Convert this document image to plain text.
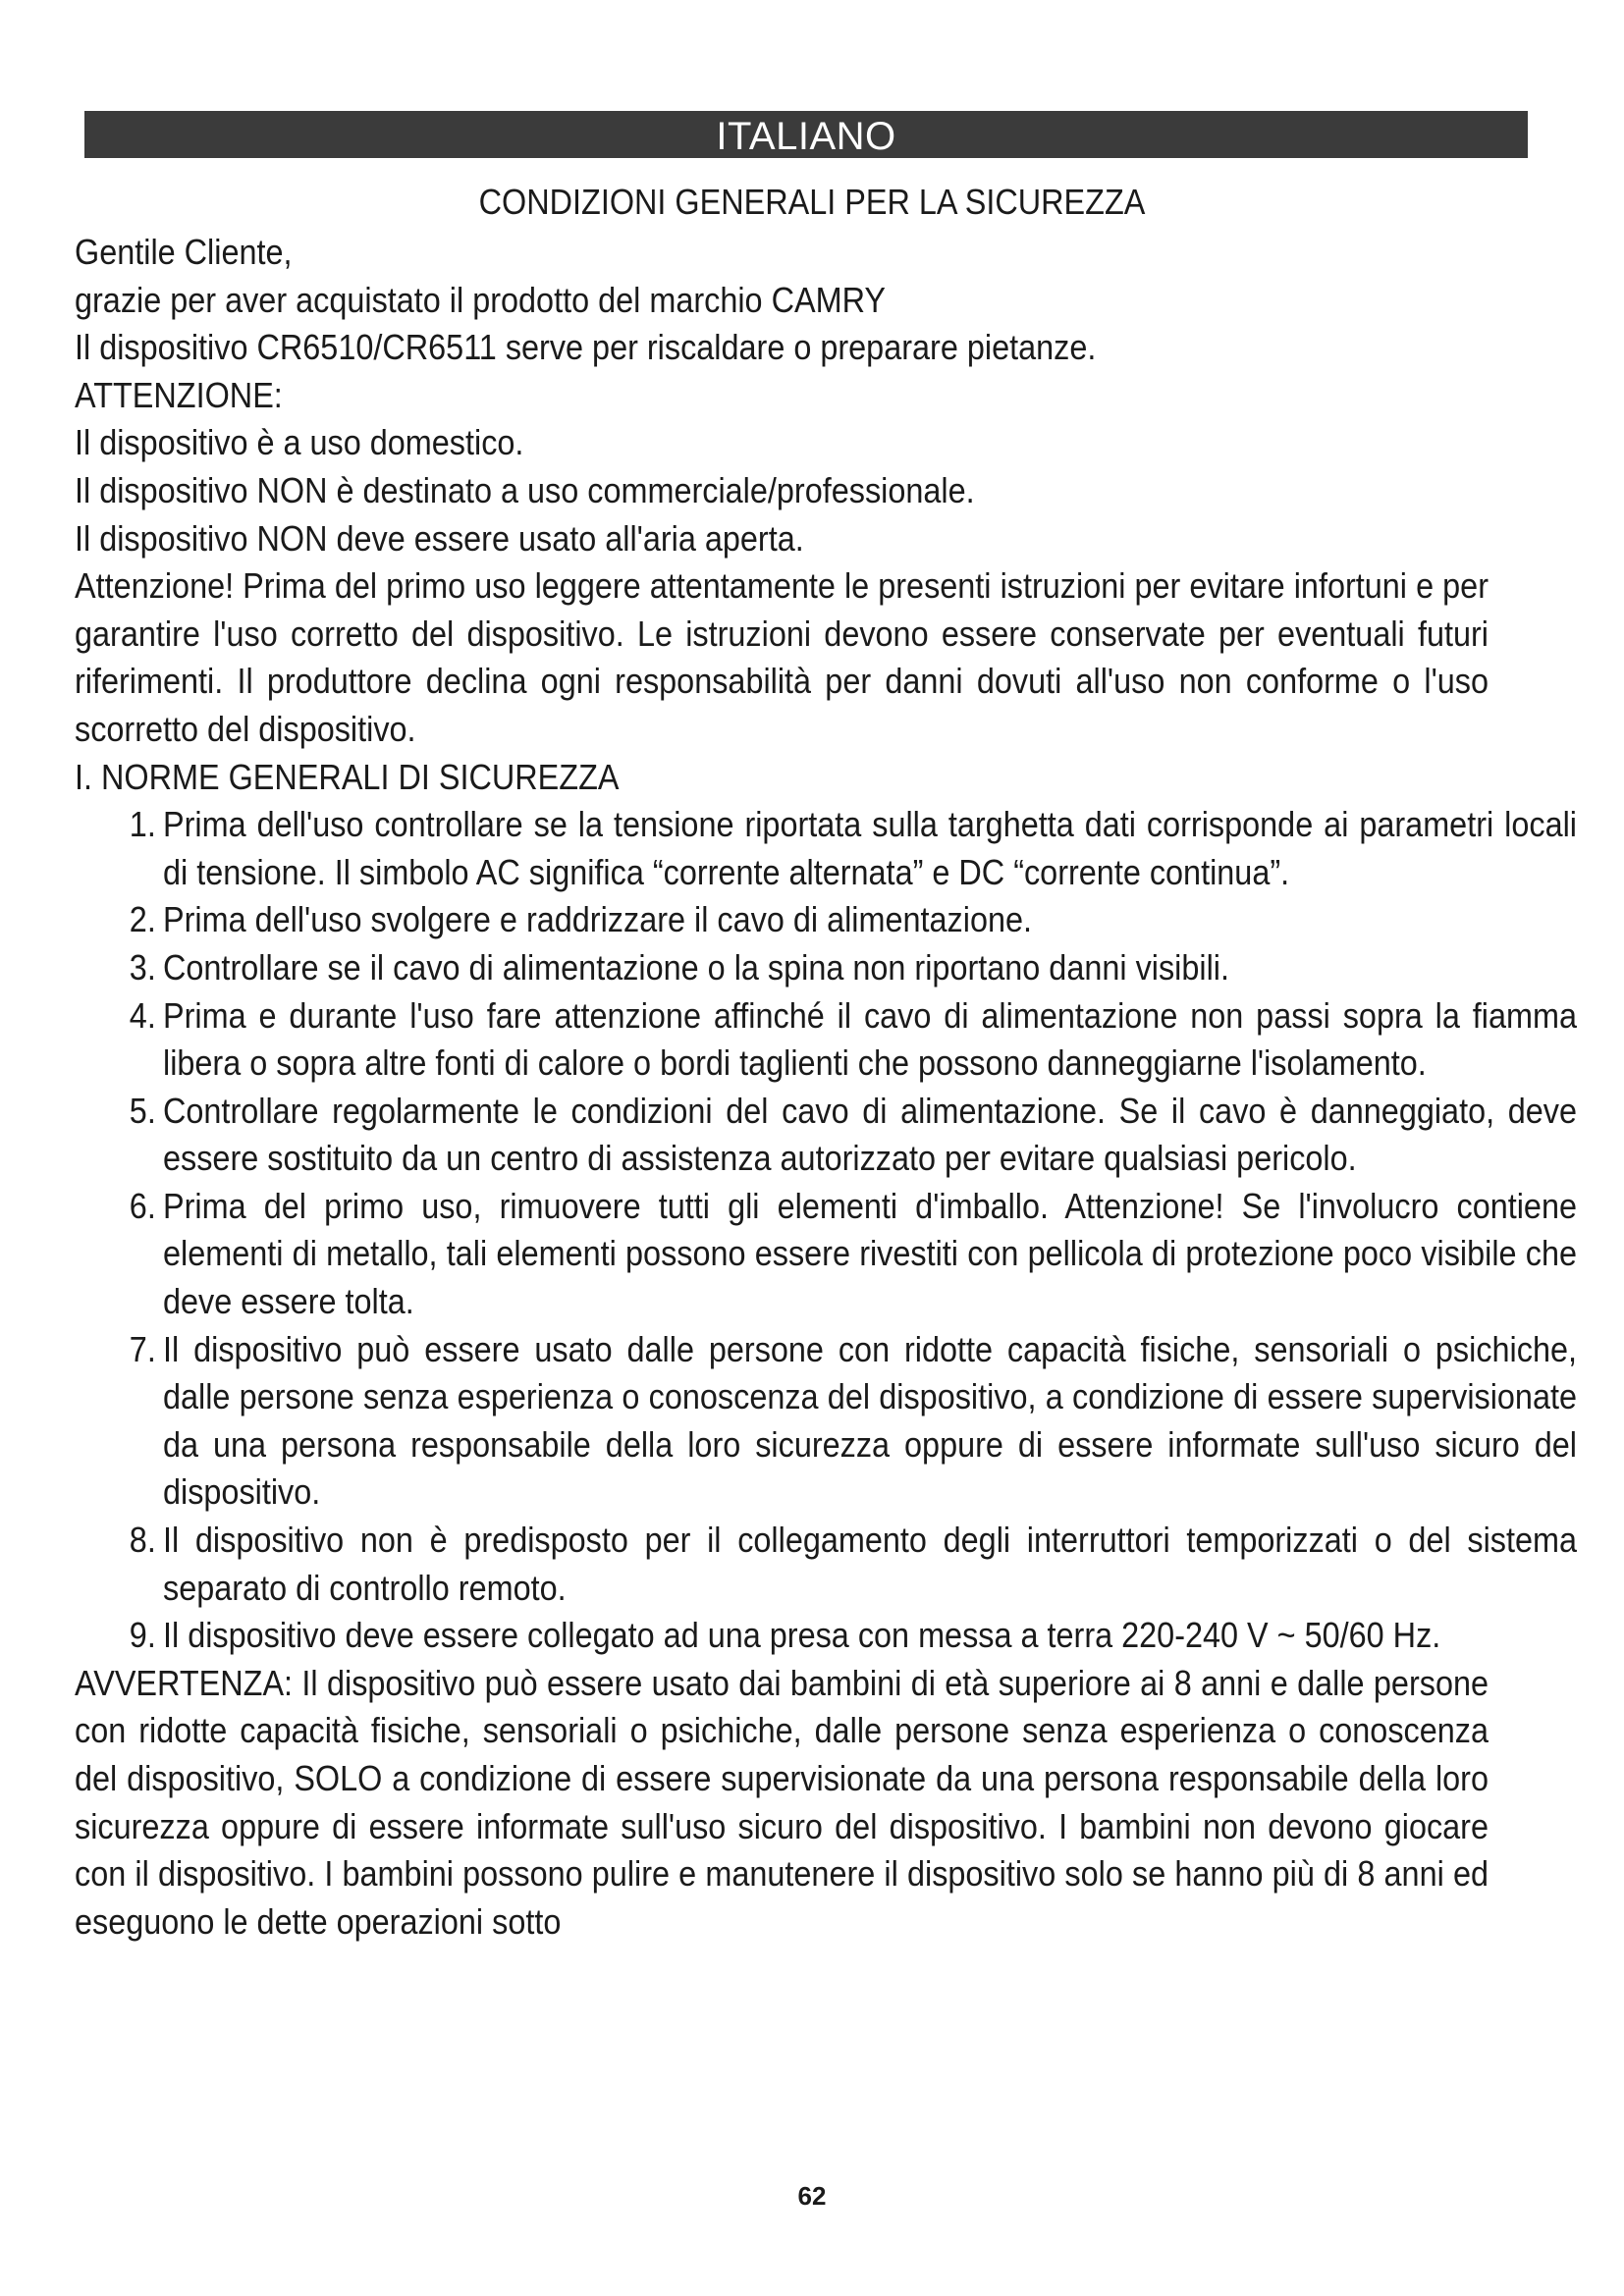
ITALIANO
CONDIZIONI GENERALI PER LA SICUREZZA

Gentile Cliente,

grazie per aver acquistato il prodotto del marchio CAMRY

Il dispositivo CR6510/CR6511 serve per riscaldare o preparare pietanze.

ATTENZIONE:

Il dispositivo è a uso domestico.

Il dispositivo NON è destinato a uso commerciale/professionale.

Il dispositivo NON deve essere usato all'aria aperta.

Attenzione! Prima del primo uso leggere attentamente le presenti istruzioni per evitare infortuni e per garantire l'uso corretto del dispositivo. Le istruzioni devono essere conservate per eventuali futuri riferimenti. Il produttore declina ogni responsabilità per danni dovuti all'uso non conforme o l'uso scorretto del dispositivo.

I. NORME GENERALI DI SICUREZZA

1. Prima dell'uso controllare se la tensione riportata sulla targhetta dati corrisponde ai parametri locali di tensione. Il simbolo AC significa “corrente alternata” e DC “corrente continua”.
2. Prima dell'uso svolgere e raddrizzare il cavo di alimentazione.
3. Controllare se il cavo di alimentazione o la spina non riportano danni visibili.
4. Prima e durante l'uso fare attenzione affinché il cavo di alimentazione non passi sopra la fiamma libera o sopra altre fonti di calore o bordi taglienti che possono danneggiarne l'isolamento.
5. Controllare regolarmente le condizioni del cavo di alimentazione. Se il cavo è danneggiato, deve essere sostituito da un centro di assistenza autorizzato per evitare qualsiasi pericolo.
6. Prima del primo uso, rimuovere tutti gli elementi d'imballo. Attenzione! Se l'involucro contiene elementi di metallo, tali elementi possono essere rivestiti con pellicola di protezione poco visibile che deve essere tolta.
7. Il dispositivo può essere usato dalle persone con ridotte capacità fisiche, sensoriali o psichiche, dalle persone senza esperienza o conoscenza del dispositivo, a condizione di essere supervisionate da una persona responsabile della loro sicurezza oppure di essere informate sull'uso sicuro del dispositivo.
8. Il dispositivo non è predisposto per il collegamento degli interruttori temporizzati o del sistema separato di controllo remoto.
9. Il dispositivo deve essere collegato ad una presa con messa a terra 220-240 V ~ 50/60 Hz.

AVVERTENZA: Il dispositivo può essere usato dai bambini di età superiore ai 8 anni e dalle persone con ridotte capacità fisiche, sensoriali o psichiche, dalle persone senza esperienza o conoscenza del dispositivo, SOLO a condizione di essere supervisionate da una persona responsabile della loro sicurezza oppure di essere informate sull'uso sicuro del dispositivo. I bambini non devono giocare con il dispositivo. I bambini possono pulire e manutenere il dispositivo solo se hanno più di 8 anni ed eseguono le dette operazioni sotto

62
